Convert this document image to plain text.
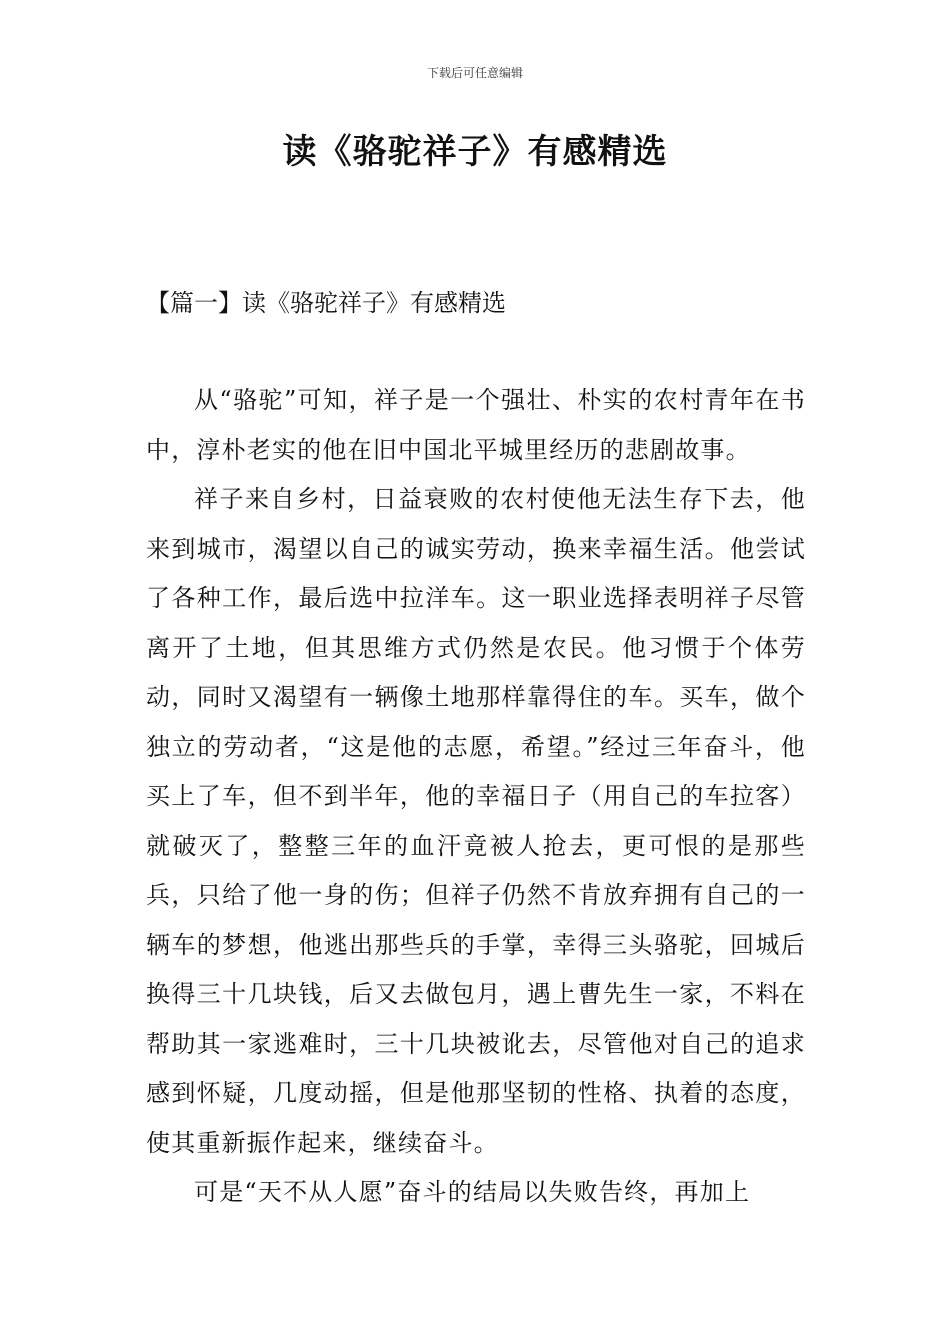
下载后可任意编辑
读《骆驼祥子》有感精选
【篇一】读《骆驼祥子》有感精选

从“骆驼”可知，祥子是一个强壮、朴实的农村青年在书中，淳朴老实的他在旧中国北平城里经历的悲剧故事。

祥子来自乡村，日益衰败的农村使他无法生存下去，他来到城市，渴望以自己的诚实劳动，换来幸福生活。他尝试了各种工作，最后选中拉洋车。这一职业选择表明祥子尽管离开了土地，但其思维方式仍然是农民。他习惯于个体劳动，同时又渴望有一辆像土地那样靠得住的车。买车，做个独立的劳动者，“这是他的志愿，希望。”经过三年奋斗，他买上了车，但不到半年，他的幸福日子（用自己的车拉客）就破灭了，整整三年的血汗竟被人抢去，更可恨的是那些兵，只给了他一身的伤；但祥子仍然不肯放弃拥有自己的一辆车的梦想，他逃出那些兵的手掌，幸得三头骆驼，回城后换得三十几块钱，后又去做包月，遇上曹先生一家，不料在帮助其一家逃难时，三十几块被讹去，尽管他对自己的追求感到怀疑，几度动摇，但是他那坚韧的性格、执着的态度，使其重新振作起来，继续奋斗。

可是“天不从人愿”奋斗的结局以失败告终，再加上
